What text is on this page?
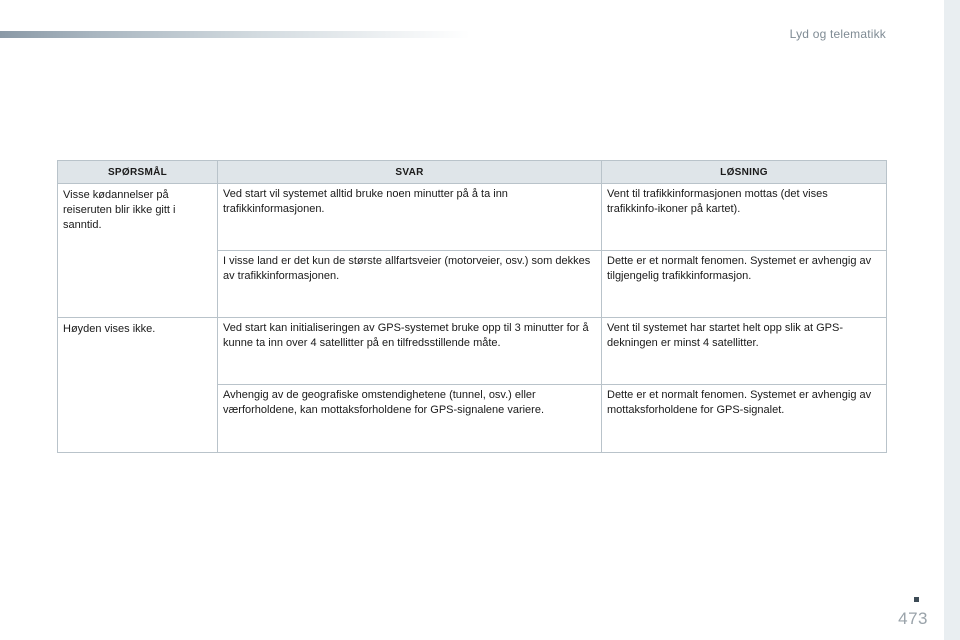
Lyd og telematikk
SPØRSMÅL	SVAR	LØSNING
Visse kødannelser på reiseruten blir ikke gitt i sanntid.	Ved start vil systemet alltid bruke noen minutter på å ta inn trafikkinformasjonen.	Vent til trafikkinformasjonen mottas (det vises trafikkinfo-ikoner på kartet).
	I visse land er det kun de største allfartsveier (motorveier, osv.) som dekkes av trafikkinformasjonen.	Dette er et normalt fenomen. Systemet er avhengig av tilgjengelig trafikkinformasjon.
Høyden vises ikke.	Ved start kan initialiseringen av GPS-systemet bruke opp til 3 minutter for å kunne ta inn over 4 satellitter på en tilfredsstillende måte.	Vent til systemet har startet helt opp slik at GPS-dekningen er minst 4 satellitter.
	Avhengig av de geografiske omstendighetene (tunnel, osv.) eller værforholdene, kan mottaksforholdene for GPS-signalene variere.	Dette er et normalt fenomen. Systemet er avhengig av mottaksforholdene for GPS-signalet.
473
